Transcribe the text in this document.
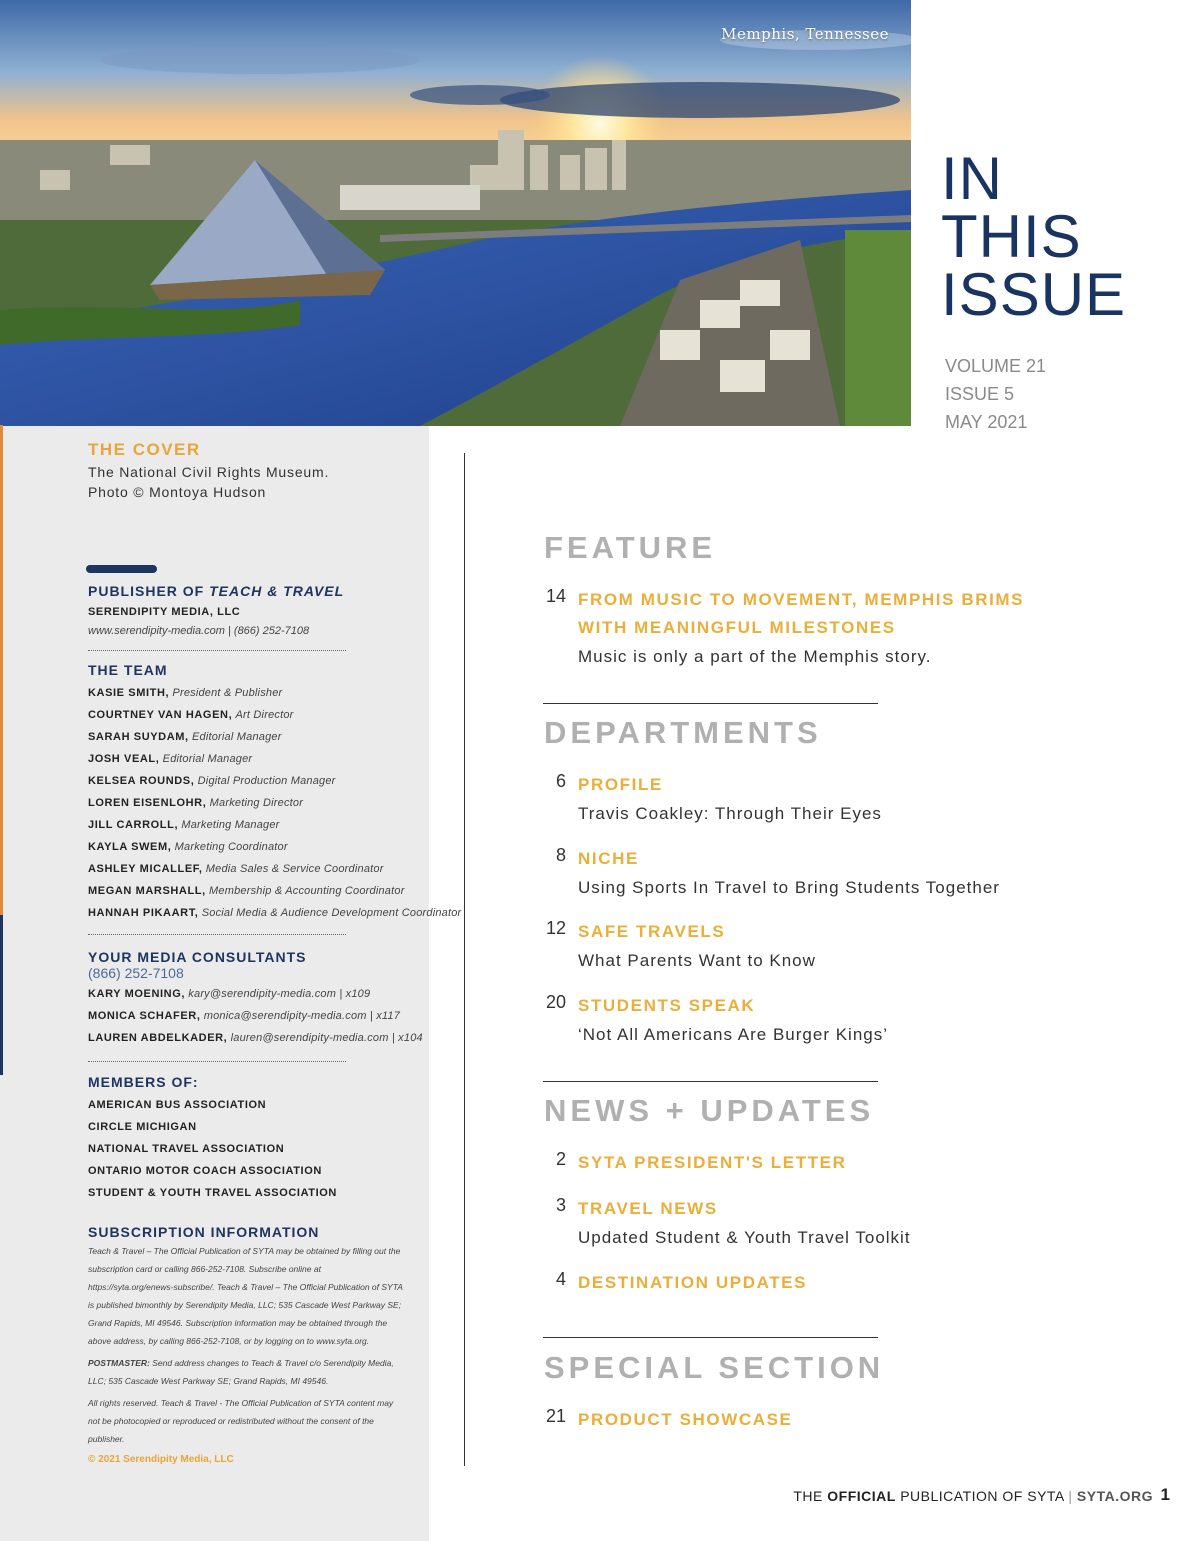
Memphis, Tennessee
IN
THIS
ISSUE
VOLUME 21
ISSUE 5
MAY 2021
THE COVER
The National Civil Rights Museum.
Photo © Montoya Hudson
PUBLISHER OF TEACH & TRAVEL
SERENDIPITY MEDIA, LLC
www.serendipity-media.com | (866) 252-7108
THE TEAM
KASIE SMITH, President & Publisher
COURTNEY VAN HAGEN, Art Director
SARAH SUYDAM, Editorial Manager
JOSH VEAL, Editorial Manager
KELSEA ROUNDS, Digital Production Manager
LOREN EISENLOHR, Marketing Director
JILL CARROLL, Marketing Manager
KAYLA SWEM, Marketing Coordinator
ASHLEY MICALLEF, Media Sales & Service Coordinator
MEGAN MARSHALL, Membership & Accounting Coordinator
HANNAH PIKAART, Social Media & Audience Development Coordinator
YOUR MEDIA CONSULTANTS
(866) 252-7108
KARY MOENING, kary@serendipity-media.com | x109
MONICA SCHAFER, monica@serendipity-media.com | x117
LAUREN ABDELKADER, lauren@serendipity-media.com | x104
MEMBERS OF:
AMERICAN BUS ASSOCIATION
CIRCLE MICHIGAN
NATIONAL TRAVEL ASSOCIATION
ONTARIO MOTOR COACH ASSOCIATION
STUDENT & YOUTH TRAVEL ASSOCIATION
SUBSCRIPTION INFORMATION
Teach & Travel – The Official Publication of SYTA may be obtained by filling out the subscription card or calling 866-252-7108. Subscribe online at https://syta.org/enews-subscribe/. Teach & Travel – The Official Publication of SYTA is published bimonthly by Serendipity Media, LLC; 535 Cascade West Parkway SE; Grand Rapids, MI 49546. Subscription information may be obtained through the above address, by calling 866-252-7108, or by logging on to www.syta.org.
POSTMASTER: Send address changes to Teach & Travel c/o Serendipity Media, LLC; 535 Cascade West Parkway SE; Grand Rapids, MI 49546.
All rights reserved. Teach & Travel - The Official Publication of SYTA content may not be photocopied or reproduced or redistributed without the consent of the publisher.
© 2021 Serendipity Media, LLC
FEATURE
14 FROM MUSIC TO MOVEMENT, MEMPHIS BRIMS
WITH MEANINGFUL MILESTONES
Music is only a part of the Memphis story.
DEPARTMENTS
6 PROFILE
Travis Coakley: Through Their Eyes
8 NICHE
Using Sports In Travel to Bring Students Together
12 SAFE TRAVELS
What Parents Want to Know
20 STUDENTS SPEAK
‘Not All Americans Are Burger Kings’
NEWS + UPDATES
2 SYTA PRESIDENT'S LETTER
3 TRAVEL NEWS
Updated Student & Youth Travel Toolkit
4 DESTINATION UPDATES
SPECIAL SECTION
21 PRODUCT SHOWCASE
THE OFFICIAL PUBLICATION OF SYTA | SYTA.ORG 1
